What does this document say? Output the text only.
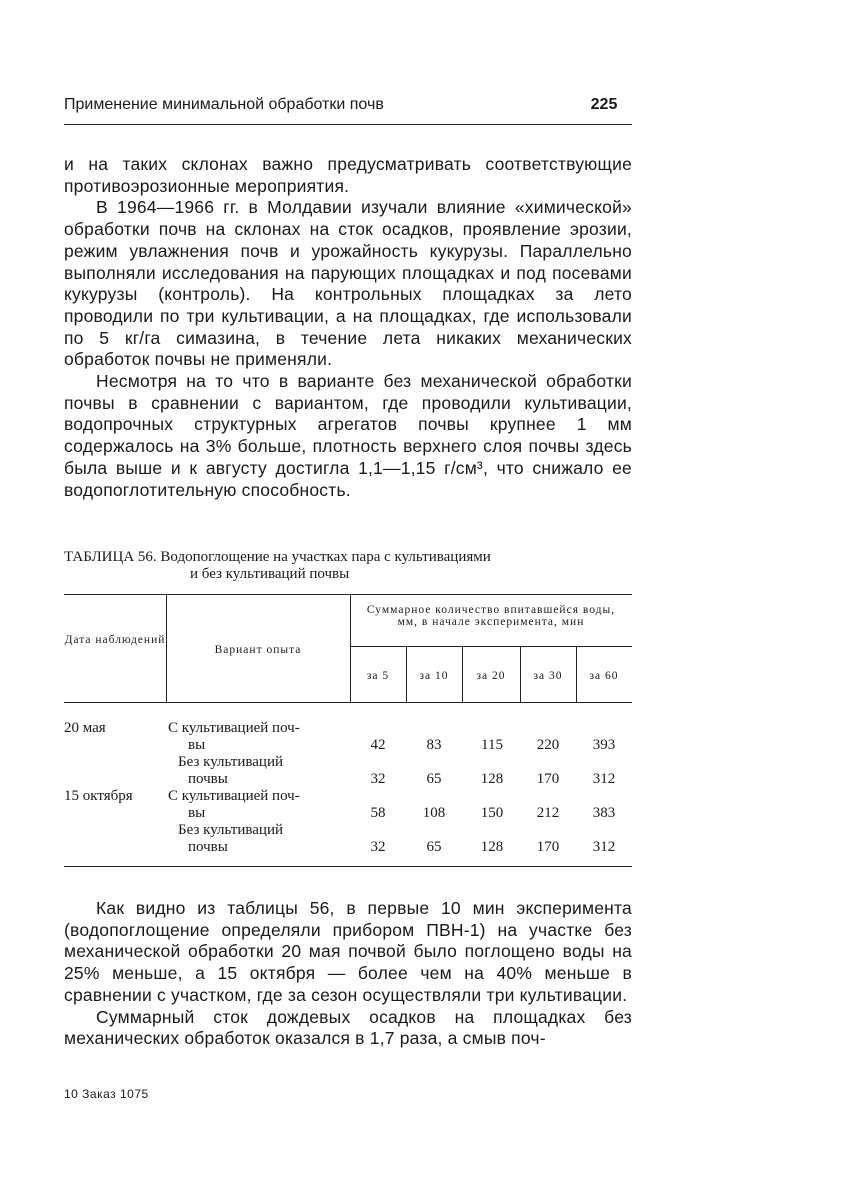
Применение минимальной обработки почв	225

и на таких склонах важно предусматривать соответствующие противоэрозионные мероприятия.

В 1964—1966 гг. в Молдавии изучали влияние «химической» обработки почв на склонах на сток осадков, проявление эрозии, режим увлажнения почв и урожайность кукурузы. Параллельно выполняли исследования на парующих площадках и под посевами кукурузы (контроль). На контрольных площадках за лето проводили по три культивации, а на площадках, где использовали по 5 кг/га симазина, в течение лета никаких механических обработок почвы не применяли.

Несмотря на то что в варианте без механической обработки почвы в сравнении с вариантом, где проводили культивации, водопрочных структурных агрегатов почвы крупнее 1 мм содержалось на 3% больше, плотность верхнего слоя почвы здесь была выше и к августу достигла 1,1—1,15 г/см³, что снижало ее водопоглотительную способность.

ТАБЛИЦА 56. Водопоглощение на участках пара с культивациями
и без культиваций почвы
Дата наблюдений
Вариант опыта
Суммарное количество впитавшейся воды, мм, в начале эксперимента, мин
за 5	за 10	за 20	за 30	за 60
20 мая	С культивацией поч-
вы	42	83	115	220	393
Без культиваций
почвы	32	65	128	170	312
15 октября С культивацией поч-
вы	58	108	150	212	383
Без культиваций
почвы	32	65	128	170	312

Как видно из таблицы 56, в первые 10 мин эксперимента (водопоглощение определяли прибором ПВН-1) на участке без механической обработки 20 мая почвой было поглощено воды на 25% меньше, а 15 октября — более чем на 40% меньше в сравнении с участком, где за сезон осуществляли три культивации.

Суммарный сток дождевых осадков на площадках без механических обработок оказался в 1,7 раза, а смыв поч-

10 Заказ 1075
